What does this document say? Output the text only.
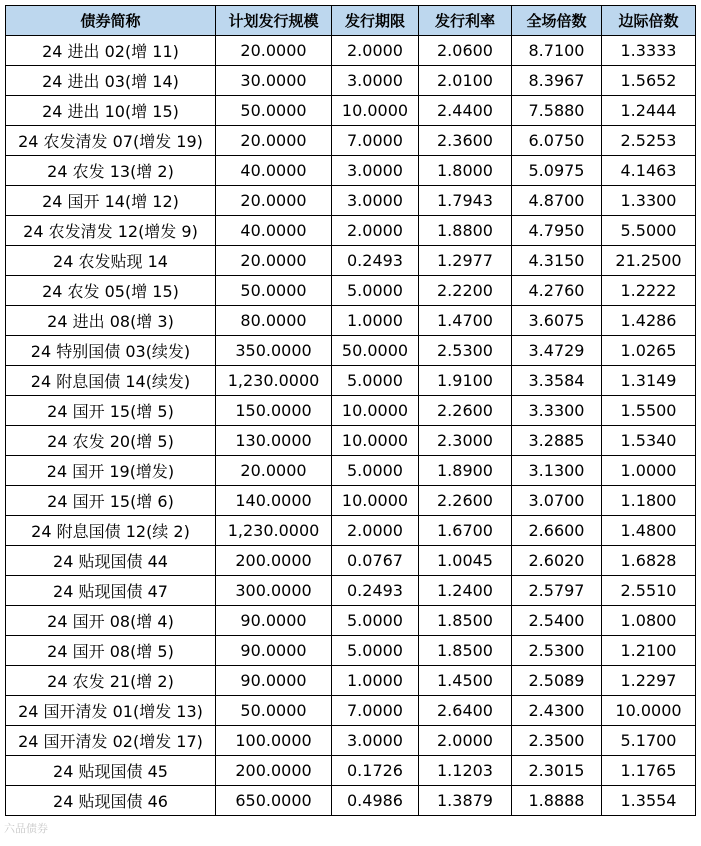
债券简称	计划发行规模	发行期限	发行利率	全场倍数	边际倍数
24 进出 02(增 11)	20.0000	2.0000	2.0600	8.7100	1.3333
24 进出 03(增 14)	30.0000	3.0000	2.0100	8.3967	1.5652
24 进出 10(增 15)	50.0000	10.0000	2.4400	7.5880	1.2444
24 农发清发 07(增发 19)	20.0000	7.0000	2.3600	6.0750	2.5253
24 农发 13(增 2)	40.0000	3.0000	1.8000	5.0975	4.1463
24 国开 14(增 12)	20.0000	3.0000	1.7943	4.8700	1.3300
24 农发清发 12(增发 9)	40.0000	2.0000	1.8800	4.7950	5.5000
24 农发贴现 14	20.0000	0.2493	1.2977	4.3150	21.2500
24 农发 05(增 15)	50.0000	5.0000	2.2200	4.2760	1.2222
24 进出 08(增 3)	80.0000	1.0000	1.4700	3.6075	1.4286
24 特别国债 03(续发)	350.0000	50.0000	2.5300	3.4729	1.0265
24 附息国债 14(续发)	1,230.0000	5.0000	1.9100	3.3584	1.3149
24 国开 15(增 5)	150.0000	10.0000	2.2600	3.3300	1.5500
24 农发 20(增 5)	130.0000	10.0000	2.3000	3.2885	1.5340
24 国开 19(增发)	20.0000	5.0000	1.8900	3.1300	1.0000
24 国开 15(增 6)	140.0000	10.0000	2.2600	3.0700	1.1800
24 附息国债 12(续 2)	1,230.0000	2.0000	1.6700	2.6600	1.4800
24 贴现国债 44	200.0000	0.0767	1.0045	2.6020	1.6828
24 贴现国债 47	300.0000	0.2493	1.2400	2.5797	2.5510
24 国开 08(增 4)	90.0000	5.0000	1.8500	2.5400	1.0800
24 国开 08(增 5)	90.0000	5.0000	1.8500	2.5300	1.2100
24 农发 21(增 2)	90.0000	1.0000	1.4500	2.5089	1.2297
24 国开清发 01(增发 13)	50.0000	7.0000	2.6400	2.4300	10.0000
24 国开清发 02(增发 17)	100.0000	3.0000	2.0000	2.3500	5.1700
24 贴现国债 45	200.0000	0.1726	1.1203	2.3015	1.1765
24 贴现国债 46	650.0000	0.4986	1.3879	1.8888	1.3554
六品债券
